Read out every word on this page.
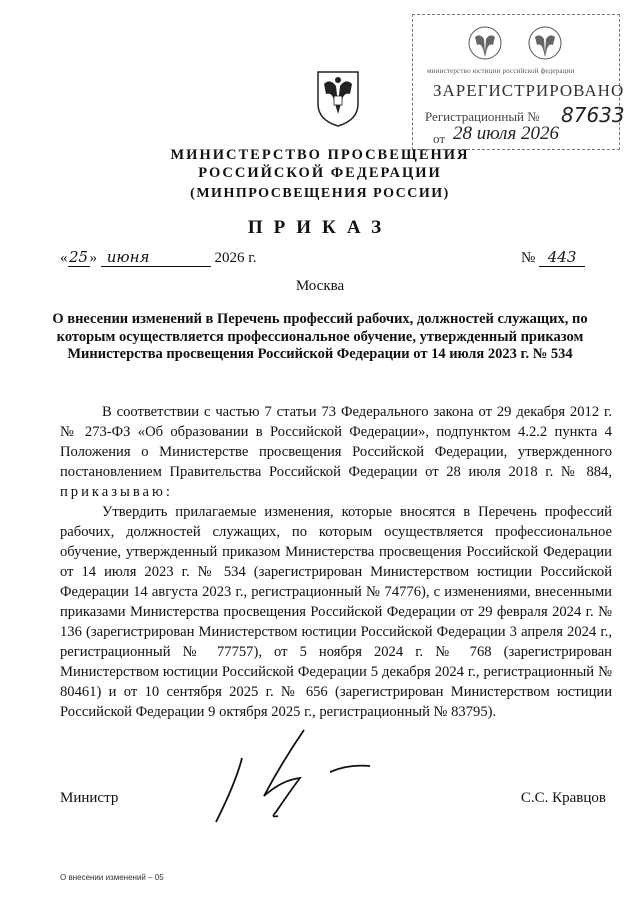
министерство юстиции российской федерации
ЗАРЕГИСТРИРОВАНО
Регистрационный № 87633
от 28 июля 2026
МИНИСТЕРСТВО ПРОСВЕЩЕНИЯ
РОССИЙСКОЙ ФЕДЕРАЦИИ
(МИНПРОСВЕЩЕНИЯ РОССИИ)
ПРИКАЗ
«25» июня	2026 г.	№ 443
Москва
О внесении изменений в Перечень профессий рабочих, должностей служащих, по которым осуществляется профессиональное обучение, утвержденный приказом Министерства просвещения Российской Федерации от 14 июля 2023 г. № 534

В соответствии с частью 7 статьи 73 Федерального закона от 29 декабря 2012 г. № 273-ФЗ «Об образовании в Российской Федерации», подпунктом 4.2.2 пункта 4 Положения о Министерстве просвещения Российской Федерации, утвержденного постановлением Правительства Российской Федерации от 28 июля 2018 г. № 884, приказываю:

Утвердить прилагаемые изменения, которые вносятся в Перечень профессий рабочих, должностей служащих, по которым осуществляется профессиональное обучение, утвержденный приказом Министерства просвещения Российской Федерации от 14 июля 2023 г. № 534 (зарегистрирован Министерством юстиции Российской Федерации 14 августа 2023 г., регистрационный № 74776), с изменениями, внесенными приказами Министерства просвещения Российской Федерации от 29 февраля 2024 г. № 136 (зарегистрирован Министерством юстиции Российской Федерации 3 апреля 2024 г., регистрационный № 77757), от 5 ноября 2024 г. № 768 (зарегистрирован Министерством юстиции Российской Федерации 5 декабря 2024 г., регистрационный № 80461) и от 10 сентября 2025 г. № 656 (зарегистрирован Министерством юстиции Российской Федерации 9 октября 2025 г., регистрационный № 83795).

Министр	С.С. Кравцов
О внесении изменений – 05
